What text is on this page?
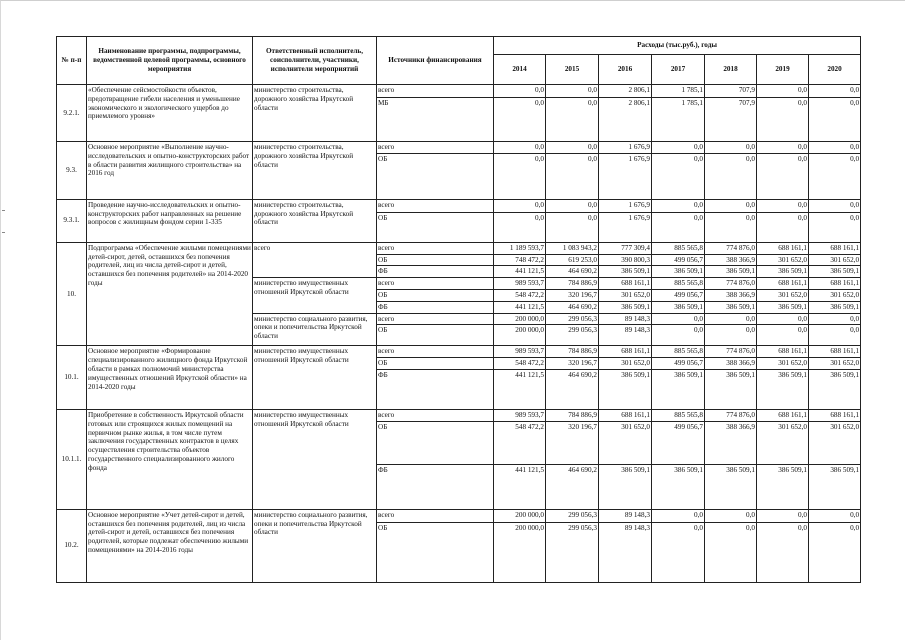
№ п-п	Наименование программы, подпрограммы, ведомственной целевой программы, основного мероприятия	Ответственный исполнитель, соисполнители, участники, исполнители мероприятий	Источники финансирования	Расходы (тыс.руб.), годы						
				2014	2015	2016	2017	2018	2019	2020
9.2.1.	«Обеспечение сейсмостойкости объектов, предотвращение гибели населения и уменьшение экономического и экологического ущербов до приемлемого уровня»	министерство строительства, дорожного хозяйства Иркутской области	всего	0,0	0,0	2 806,1	1 785,1	707,9	0,0	0,0
			МБ	0,0	0,0	2 806,1	1 785,1	707,9	0,0	0,0
9.3.	Основное мероприятие «Выполнение научно-исследовательских и опытно-конструкторских работ в области развития жилищного строительства» на 2016 год	министерство строительства, дорожного хозяйства Иркутской области	всего	0,0	0,0	1 676,9	0,0	0,0	0,0	0,0
			ОБ	0,0	0,0	1 676,9	0,0	0,0	0,0	0,0
9.3.1.	Проведение научно-исследовательских и опытно-конструкторских работ направленных на решение вопросов с жилищным фондом серии 1-335	министерство строительства, дорожного хозяйства Иркутской области	всего	0,0	0,0	1 676,9	0,0	0,0	0,0	0,0
			ОБ	0,0	0,0	1 676,9	0,0	0,0	0,0	0,0
10.	Подпрограмма «Обеспечение жилыми помещениями детей-сирот, детей, оставшихся без попечения родителей, лиц из числа детей-сирот и детей, оставшихся без попечения родителей» на 2014-2020 годы	всего	всего	1 189 593,7	1 083 943,2	777 309,4	885 565,8	774 876,0	688 161,1	688 161,1
			ОБ	748 472,2	619 253,0	390 800,3	499 056,7	388 366,9	301 652,0	301 652,0
			ФБ	441 121,5	464 690,2	386 509,1	386 509,1	386 509,1	386 509,1	386 509,1
		министерство имущественных отношений Иркутской области	всего	989 593,7	784 886,9	688 161,1	885 565,8	774 876,0	688 161,1	688 161,1
			ОБ	548 472,2	320 196,7	301 652,0	499 056,7	388 366,9	301 652,0	301 652,0
			ФБ	441 121,5	464 690,2	386 509,1	386 509,1	386 509,1	386 509,1	386 509,1
		министерство социального развития, опеки и попечительства Иркутской области	всего	200 000,0	299 056,3	89 148,3	0,0	0,0	0,0	0,0
			ОБ	200 000,0	299 056,3	89 148,3	0,0	0,0	0,0	0,0
10.1.	Основное мероприятие «Формирование специализированного жилищного фонда Иркутской области в рамках полномочий министерства имущественных отношений Иркутской области» на 2014-2020 годы	министерство имущественных отношений Иркутской области	всего	989 593,7	784 886,9	688 161,1	885 565,8	774 876,0	688 161,1	688 161,1
			ОБ	548 472,2	320 196,7	301 652,0	499 056,7	388 366,9	301 652,0	301 652,0
			ФБ	441 121,5	464 690,2	386 509,1	386 509,1	386 509,1	386 509,1	386 509,1
10.1.1.	Приобретение в собственность Иркутской области готовых или строящихся жилых помещений на первичном рынке жилья, в том числе путем заключения государственных контрактов в целях осуществления строительства объектов государственного специализированного жилого фонда	министерство имущественных отношений Иркутской области	всего	989 593,7	784 886,9	688 161,1	885 565,8	774 876,0	688 161,1	688 161,1
			ОБ	548 472,2	320 196,7	301 652,0	499 056,7	388 366,9	301 652,0	301 652,0
			ФБ	441 121,5	464 690,2	386 509,1	386 509,1	386 509,1	386 509,1	386 509,1
10.2.	Основное мероприятие «Учет детей-сирот и детей, оставшихся без попечения родителей, лиц из числа детей-сирот и детей, оставшихся без попечения родителей, которые подлежат обеспечению жилыми помещениями» на 2014-2016 годы	министерство социального развития, опеки и попечительства Иркутской области	всего	200 000,0	299 056,3	89 148,3	0,0	0,0	0,0	0,0
			ОБ	200 000,0	299 056,3	89 148,3	0,0	0,0	0,0	0,0
